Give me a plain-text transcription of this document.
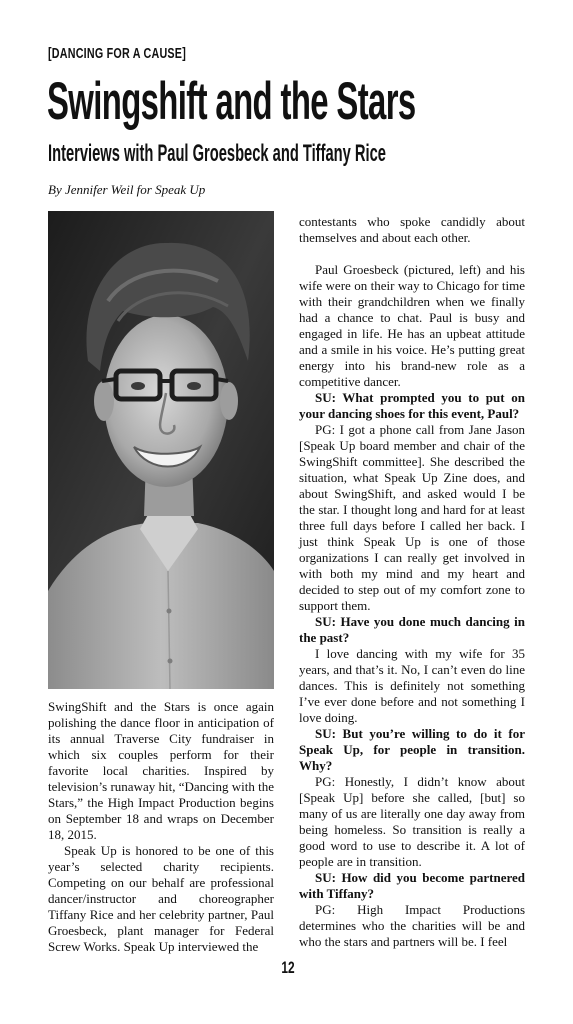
[DANCING FOR A CAUSE]
Swingshift and the Stars
Interviews with Paul Groesbeck and Tiffany Rice
By Jennifer Weil for Speak Up

SwingShift and the Stars is once again polishing the dance floor in anticipation of its annual Traverse City fundraiser in which six couples perform for their favorite local charities. Inspired by television’s runaway hit, “Dancing with the Stars,” the High Impact Production begins on September 18 and wraps on December 18, 2015.

Speak Up is honored to be one of this year’s selected charity recipients. Competing on our behalf are professional dancer/instructor and choreographer Tiffany Rice and her celebrity partner, Paul Groesbeck, plant manager for Federal Screw Works. Speak Up interviewed the

contestants who spoke candidly about themselves and about each other.

Paul Groesbeck (pictured, left) and his wife were on their way to Chicago for time with their grandchildren when we finally had a chance to chat. Paul is busy and engaged in life. He has an upbeat attitude and a smile in his voice. He’s putting great energy into his brand-new role as a competitive dancer.

SU: What prompted you to put on your dancing shoes for this event, Paul?

PG: I got a phone call from Jane Jason [Speak Up board member and chair of the SwingShift committee]. She described the situation, what Speak Up Zine does, and about SwingShift, and asked would I be the star. I thought long and hard for at least three full days before I called her back. I just think Speak Up is one of those organizations I can really get involved in with both my mind and my heart and decided to step out of my comfort zone to support them.

SU: Have you done much dancing in the past?

I love dancing with my wife for 35 years, and that’s it. No, I can’t even do line dances. This is definitely not something I’ve ever done before and not something I love doing.

SU: But you’re willing to do it for Speak Up, for people in transition. Why?

PG: Honestly, I didn’t know about [Speak Up] before she called, [but] so many of us are literally one day away from being homeless. So transition is really a good word to use to describe it. A lot of people are in transition.

SU: How did you become partnered with Tiffany?

PG: High Impact Productions determines who the charities will be and who the stars and partners will be. I feel

12
